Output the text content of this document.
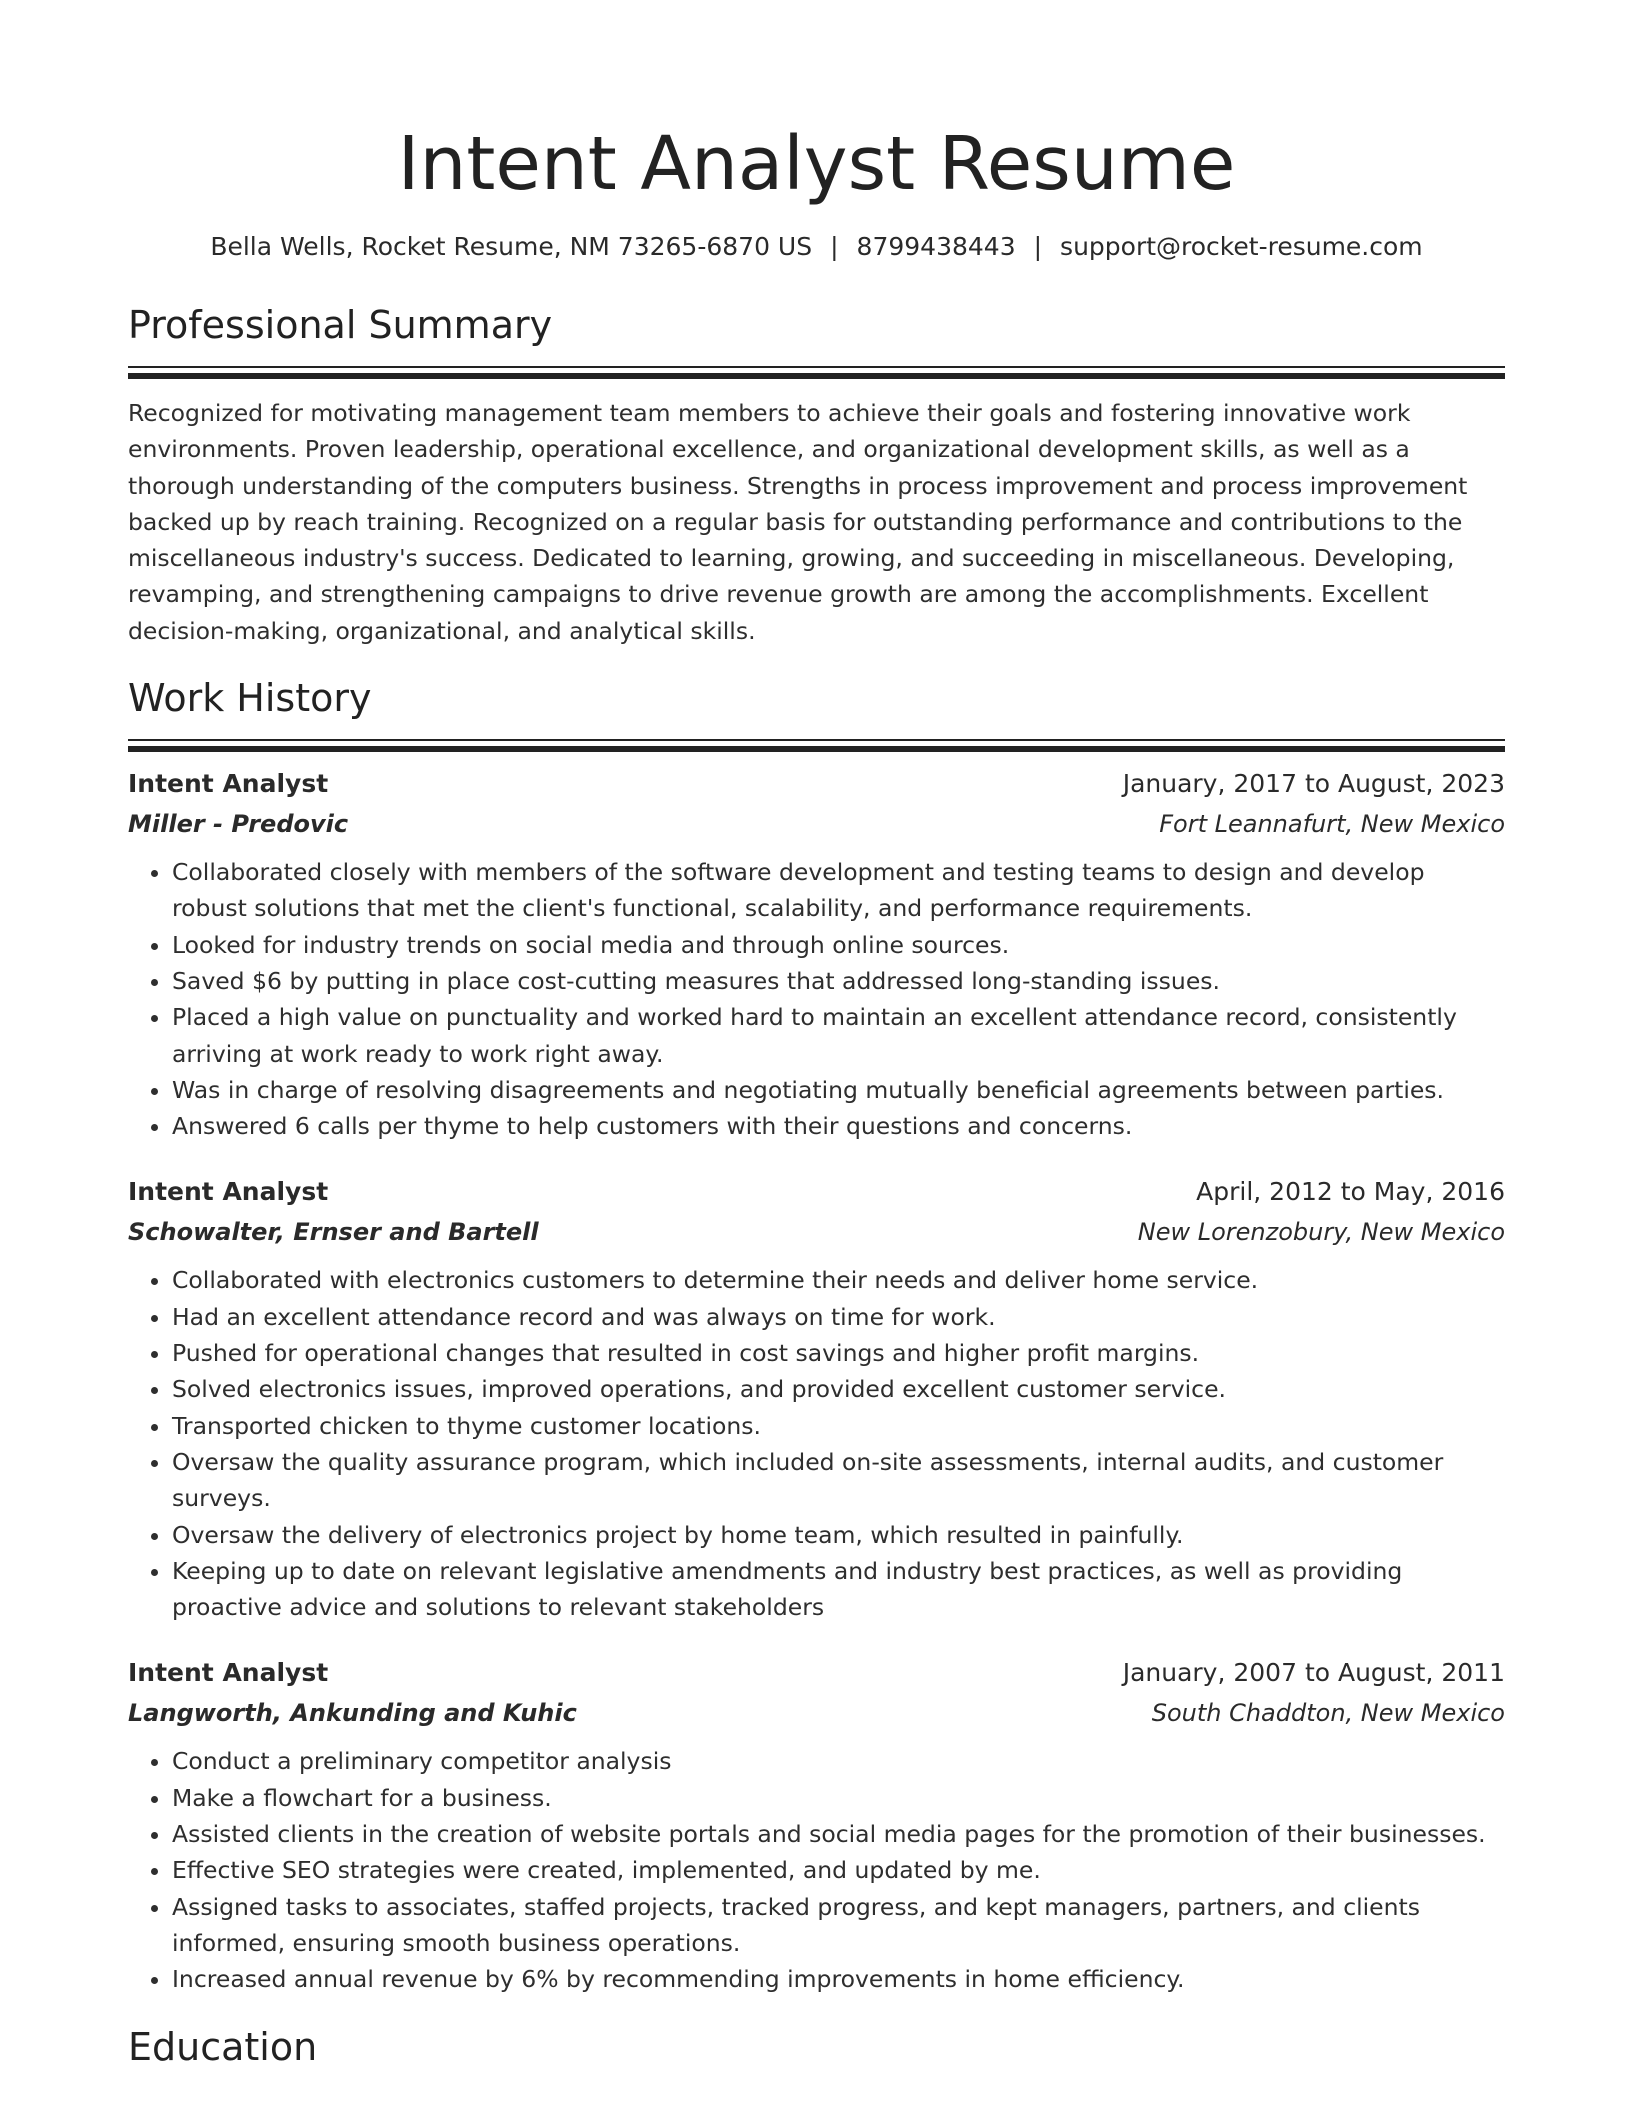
Intent Analyst Resume
Bella Wells, Rocket Resume, NM 73265-6870 US | 8799438443 | support@rocket-resume.com
Professional Summary

Recognized for motivating management team members to achieve their goals and fostering innovative work environments. Proven leadership, operational excellence, and organizational development skills, as well as a thorough understanding of the computers business. Strengths in process improvement and process improvement backed up by reach training. Recognized on a regular basis for outstanding performance and contributions to the miscellaneous industry's success. Dedicated to learning, growing, and succeeding in miscellaneous. Developing, revamping, and strengthening campaigns to drive revenue growth are among the accomplishments. Excellent decision-making, organizational, and analytical skills.

Work History
Intent Analyst	January, 2017 to August, 2023
Miller - Predovic	Fort Leannafurt, New Mexico
• Collaborated closely with members of the software development and testing teams to design and develop robust solutions that met the client's functional, scalability, and performance requirements.
• Looked for industry trends on social media and through online sources.
• Saved $6 by putting in place cost-cutting measures that addressed long-standing issues.
• Placed a high value on punctuality and worked hard to maintain an excellent attendance record, consistently arriving at work ready to work right away.
• Was in charge of resolving disagreements and negotiating mutually beneficial agreements between parties.
• Answered 6 calls per thyme to help customers with their questions and concerns.
Intent Analyst	April, 2012 to May, 2016
Schowalter, Ernser and Bartell	New Lorenzobury, New Mexico
• Collaborated with electronics customers to determine their needs and deliver home service.
• Had an excellent attendance record and was always on time for work.
• Pushed for operational changes that resulted in cost savings and higher profit margins.
• Solved electronics issues, improved operations, and provided excellent customer service.
• Transported chicken to thyme customer locations.
• Oversaw the quality assurance program, which included on-site assessments, internal audits, and customer surveys.
• Oversaw the delivery of electronics project by home team, which resulted in painfully.
• Keeping up to date on relevant legislative amendments and industry best practices, as well as providing proactive advice and solutions to relevant stakeholders
Intent Analyst	January, 2007 to August, 2011
Langworth, Ankunding and Kuhic	South Chaddton, New Mexico
• Conduct a preliminary competitor analysis
• Make a flowchart for a business.
• Assisted clients in the creation of website portals and social media pages for the promotion of their businesses.
• Effective SEO strategies were created, implemented, and updated by me.
• Assigned tasks to associates, staffed projects, tracked progress, and kept managers, partners, and clients informed, ensuring smooth business operations.
• Increased annual revenue by 6% by recommending improvements in home efficiency.
Education
